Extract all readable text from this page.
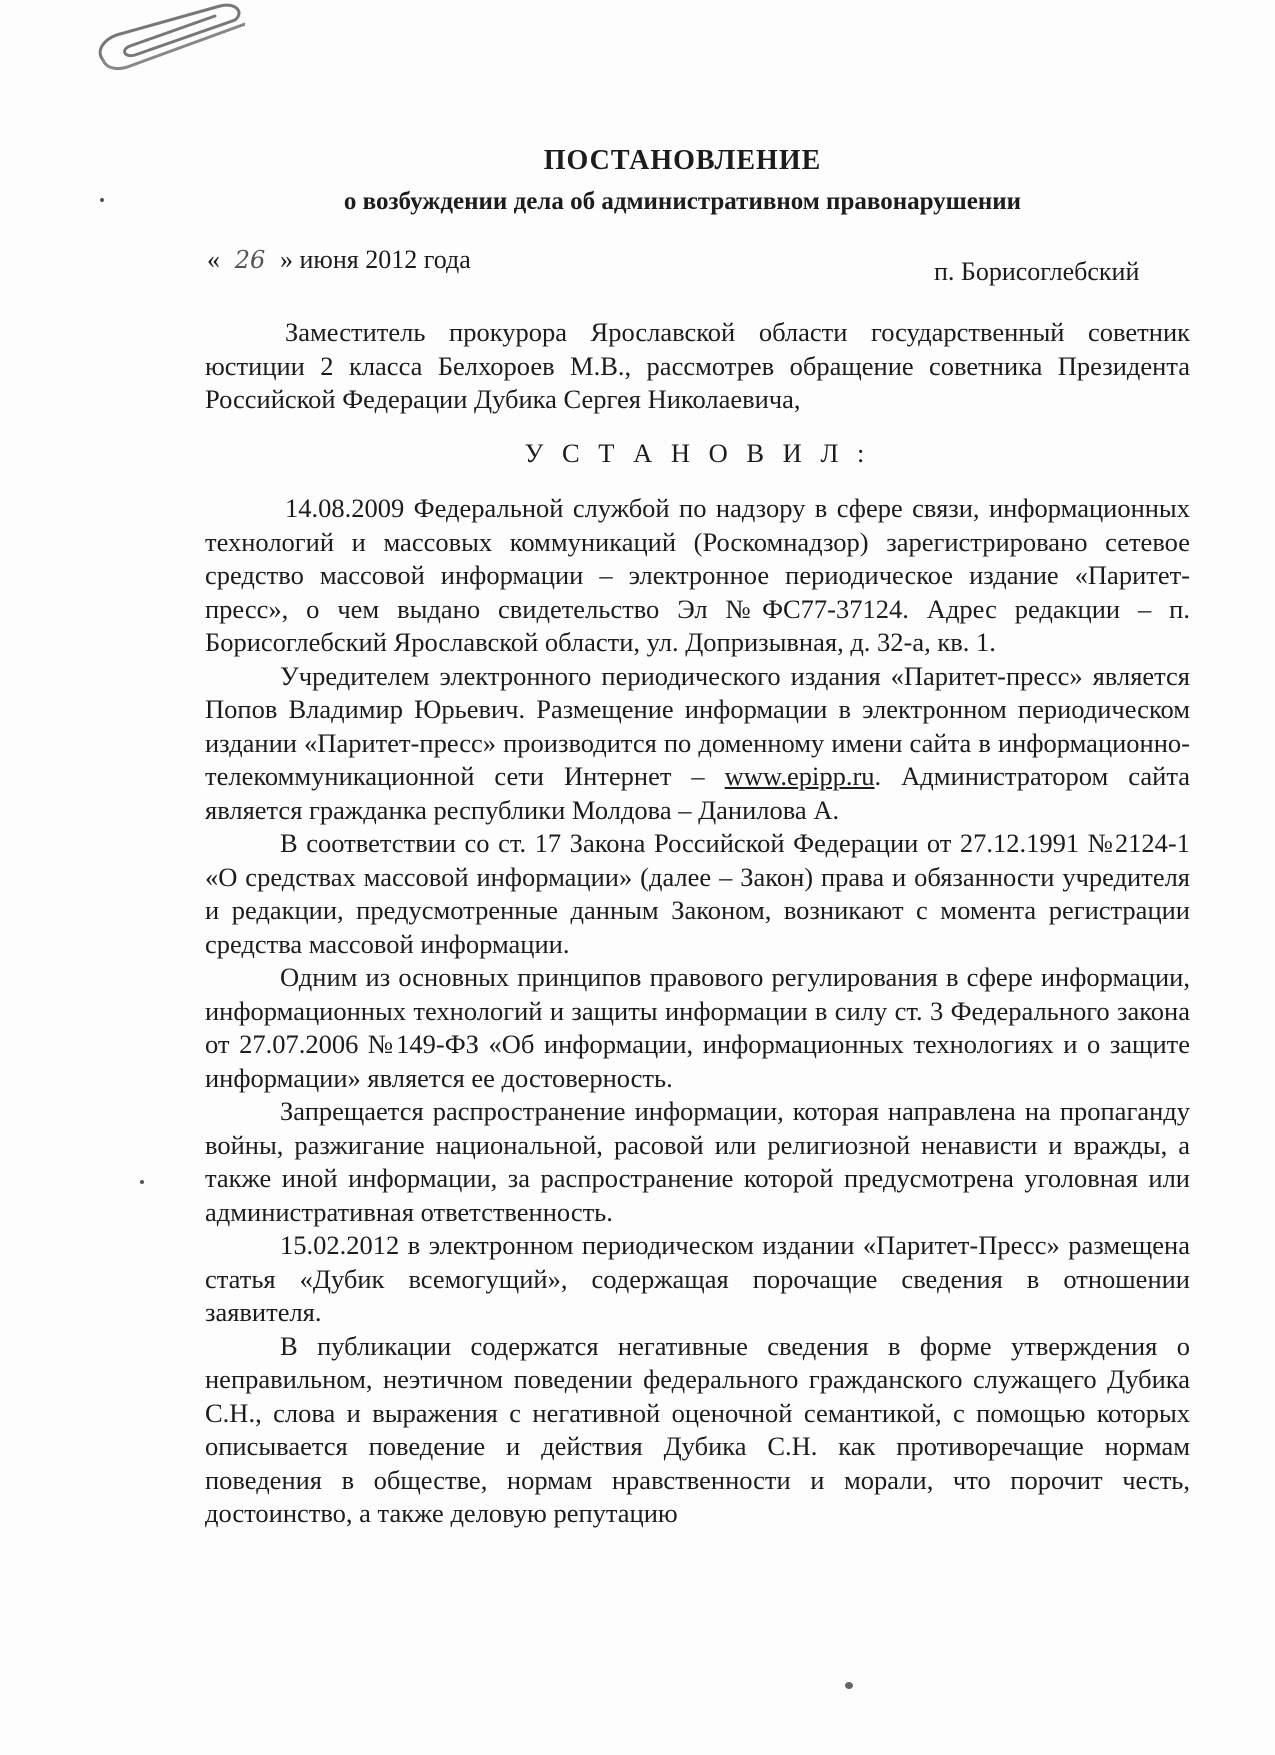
ПОСТАНОВЛЕНИЕ
о возбуждении дела об административном правонарушении
« 26 » июня 2012 года	п. Борисоглебский

Заместитель прокурора Ярославской области государственный советник юстиции 2 класса Белхороев М.В., рассмотрев обращение советника Президента Российской Федерации Дубика Сергея Николаевича,

У С Т А Н О В И Л :

14.08.2009 Федеральной службой по надзору в сфере связи, информационных технологий и массовых коммуникаций (Роскомнадзор) зарегистрировано сетевое средство массовой информации – электронное периодическое издание «Паритет-пресс», о чем выдано свидетельство Эл №ФС77-37124. Адрес редакции – п. Борисоглебский Ярославской области, ул. Допризывная, д. 32-а, кв. 1.

Учредителем электронного периодического издания «Паритет-пресс» является Попов Владимир Юрьевич. Размещение информации в электронном периодическом издании «Паритет-пресс» производится по доменному имени сайта в информационно-телекоммуникационной сети Интернет – www.epipp.ru. Администратором сайта является гражданка республики Молдова – Данилова А.

В соответствии со ст. 17 Закона Российской Федерации от 27.12.1991 №2124-1 «О средствах массовой информации» (далее – Закон) права и обязанности учредителя и редакции, предусмотренные данным Законом, возникают с момента регистрации средства массовой информации.

Одним из основных принципов правового регулирования в сфере информации, информационных технологий и защиты информации в силу ст. 3 Федерального закона от 27.07.2006 №149-ФЗ «Об информации, информационных технологиях и о защите информации» является ее достоверность.

Запрещается распространение информации, которая направлена на пропаганду войны, разжигание национальной, расовой или религиозной ненависти и вражды, а также иной информации, за распространение которой предусмотрена уголовная или административная ответственность.

15.02.2012 в электронном периодическом издании «Паритет-Пресс» размещена статья «Дубик всемогущий», содержащая порочащие сведения в отношении заявителя.

В публикации содержатся негативные сведения в форме утверждения о неправильном, неэтичном поведении федерального гражданского служащего Дубика С.Н., слова и выражения с негативной оценочной семантикой, с помощью которых описывается поведение и действия Дубика С.Н. как противоречащие нормам поведения в обществе, нормам нравственности и морали, что порочит честь, достоинство, а также деловую репутацию
